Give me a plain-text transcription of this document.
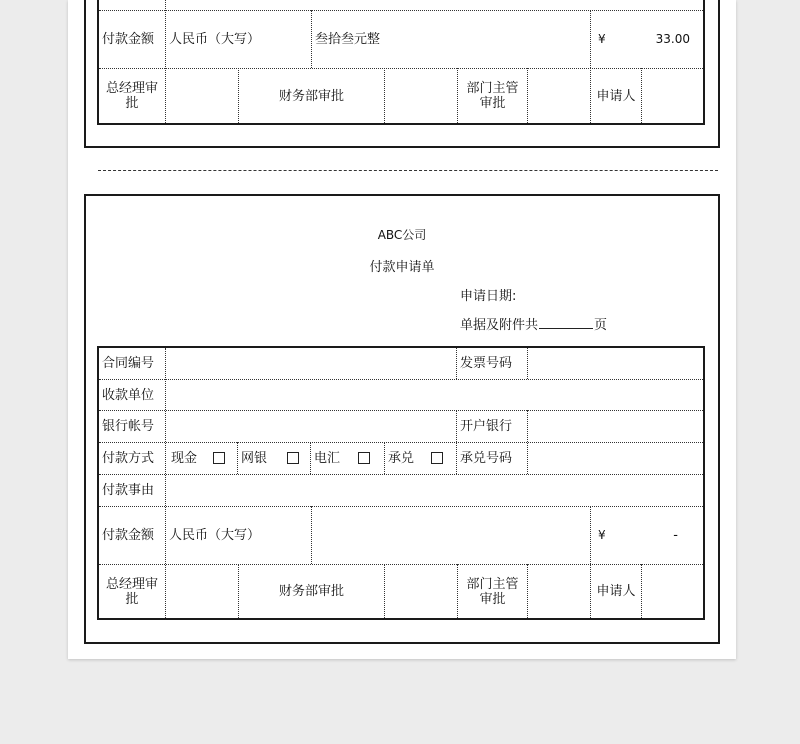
付款金额	人民币（大写）	叁拾叁元整	¥	33.00
总经理审批	财务部审批	部门主管审批	申请人
ABC公司
付款申请单
申请日期:
单据及附件共	页
合同编号	发票号码
收款单位
银行帐号	开户银行
付款方式	现金	网银	电汇	承兑	承兑号码
付款事由
付款金额	人民币（大写）	¥	-
总经理审批	财务部审批	部门主管审批	申请人
